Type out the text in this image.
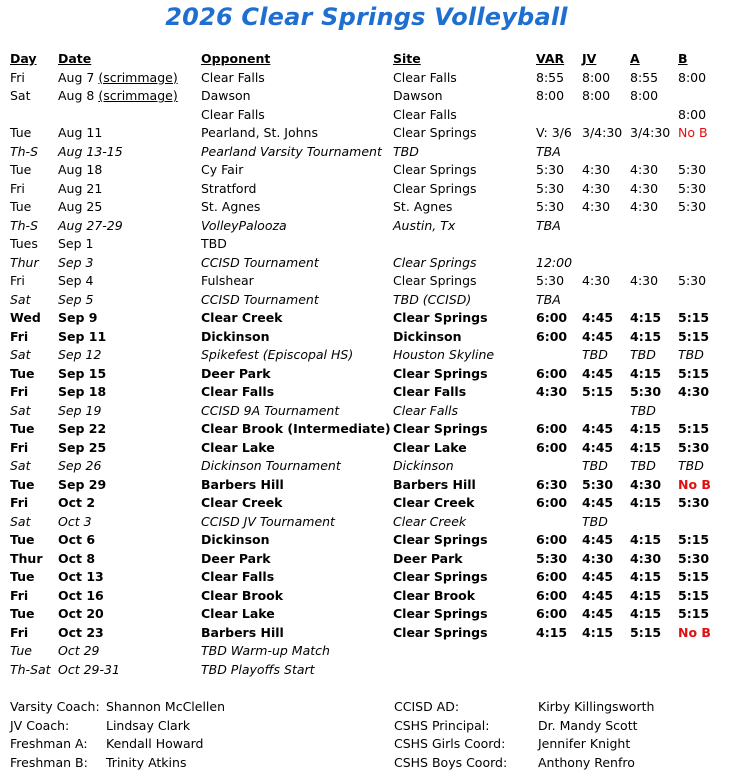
2026 Clear Springs Volleyball
Day	Date	Opponent	Site	VAR	JV	A	B
Fri	Aug 7 (scrimmage)	Clear Falls	Clear Falls	8:55	8:00	8:55	8:00
Sat	Aug 8 (scrimmage)	Dawson	Dawson	8:00	8:00	8:00	
		Clear Falls	Clear Falls				8:00
Tue	Aug 11	Pearland, St. Johns	Clear Springs	V: 3/6	3/4:30	3/4:30	No B
Th-S	Aug 13-15	Pearland Varsity Tournament	TBD	TBA			
Tue	Aug 18	Cy Fair	Clear Springs	5:30	4:30	4:30	5:30
Fri	Aug 21	Stratford	Clear Springs	5:30	4:30	4:30	5:30
Tue	Aug 25	St. Agnes	St. Agnes	5:30	4:30	4:30	5:30
Th-S	Aug 27-29	VolleyPalooza	Austin, Tx	TBA			
Tues	Sep 1	TBD					
Thur	Sep 3	CCISD Tournament	Clear Springs	12:00			
Fri	Sep 4	Fulshear	Clear Springs	5:30	4:30	4:30	5:30
Sat	Sep 5	CCISD Tournament	TBD (CCISD)	TBA			
Wed	Sep 9	Clear Creek	Clear Springs	6:00	4:45	4:15	5:15
Fri	Sep 11	Dickinson	Dickinson	6:00	4:45	4:15	5:15
Sat	Sep 12	Spikefest (Episcopal HS)	Houston Skyline		TBD	TBD	TBD
Tue	Sep 15	Deer Park	Clear Springs	6:00	4:45	4:15	5:15
Fri	Sep 18	Clear Falls	Clear Falls	4:30	5:15	5:30	4:30
Sat	Sep 19	CCISD 9A Tournament	Clear Falls			TBD	
Tue	Sep 22	Clear Brook (Intermediate)	Clear Springs	6:00	4:45	4:15	5:15
Fri	Sep 25	Clear Lake	Clear Lake	6:00	4:45	4:15	5:30
Sat	Sep 26	Dickinson Tournament	Dickinson		TBD	TBD	TBD
Tue	Sep 29	Barbers Hill	Barbers Hill	6:30	5:30	4:30	No B
Fri	Oct 2	Clear Creek	Clear Creek	6:00	4:45	4:15	5:30
Sat	Oct 3	CCISD JV Tournament	Clear Creek		TBD		
Tue	Oct 6	Dickinson	Clear Springs	6:00	4:45	4:15	5:15
Thur	Oct 8	Deer Park	Deer Park	5:30	4:30	4:30	5:30
Tue	Oct 13	Clear Falls	Clear Springs	6:00	4:45	4:15	5:15
Fri	Oct 16	Clear Brook	Clear Brook	6:00	4:45	4:15	5:15
Tue	Oct 20	Clear Lake	Clear Springs	6:00	4:45	4:15	5:15
Fri	Oct 23	Barbers Hill	Clear Springs	4:15	4:15	5:15	No B
Tue	Oct 29	TBD Warm-up Match					
Th-Sat	Oct 29-31	TBD Playoffs Start					
Varsity Coach: Shannon McClellen
JV Coach:	Lindsay Clark
Freshman A: Kendall Howard
Freshman B: Trinity Atkins
CCISD AD:	Kirby Killingsworth
CSHS Principal:	Dr. Mandy Scott
CSHS Girls Coord:	Jennifer Knight
CSHS Boys Coord: Anthony Renfro
